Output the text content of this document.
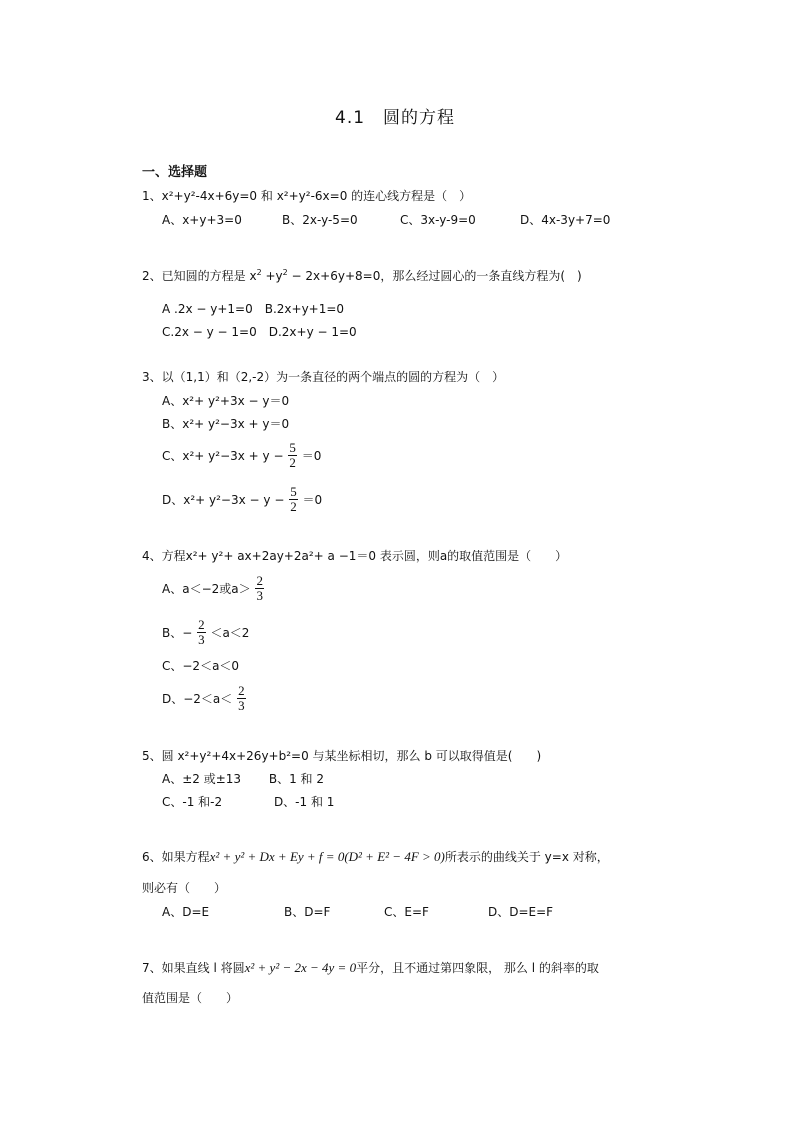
4.1　圆的方程
一、选择题
1、x²+y²-4x+6y=0 和 x²+y²-6x=0 的连心线方程是（　）
A、x+y+3=0	B、2x-y-5=0	C、3x-y-9=0	D、4x-3y+7=0
2、已知圆的方程是 $x^2 +y^2 - 2x+6y+8=0$，那么经过圆心的一条直线方程为(　)
A .2x − y+1=0　B.2x+y+1=0
C.2x − y − 1=0　D.2x+y − 1=0
3、以（1,1）和（2,-2）为一条直径的两个端点的圆的方程为（　）
A、x²+ y²+3x − y＝0
B、x²+ y²−3x + y＝0
C、$x^2+ y^2-3x + y - \frac{5}{2} =0$
D、$x^2+ y^2-3x - y - \frac{5}{2} =0$
4、方程x²+ y²+ ax+2ay+2a²+ a −1＝0 表示圆，则a的取值范围是（　　）
A、a＜−2或$a> \frac{2}{3}$
B、− $\frac{2}{3} <a<2$
C、−2＜a＜0
D、$-2<a< \frac{2}{3}$
5、圆 x²+y²+4x+26y+b²=0 与某坐标相切，那么 b 可以取得值是(　　)
A、±2 或±13　　 B、1 和 2
C、-1 和-2　　　　 D、-1 和 1
6、如果方程x² + y² + Dx + Ey + f = 0(D² + E² − 4F > 0)所表示的曲线关于 y=x 对称，
则必有（　　）
A、D=E	B、D=F	C、E=F	D、D=E=F
7、如果直线 l 将圆x² + y² − 2x − 4y = 0平分，且不通过第四象限， 那么 l 的斜率的取
值范围是（　　）
